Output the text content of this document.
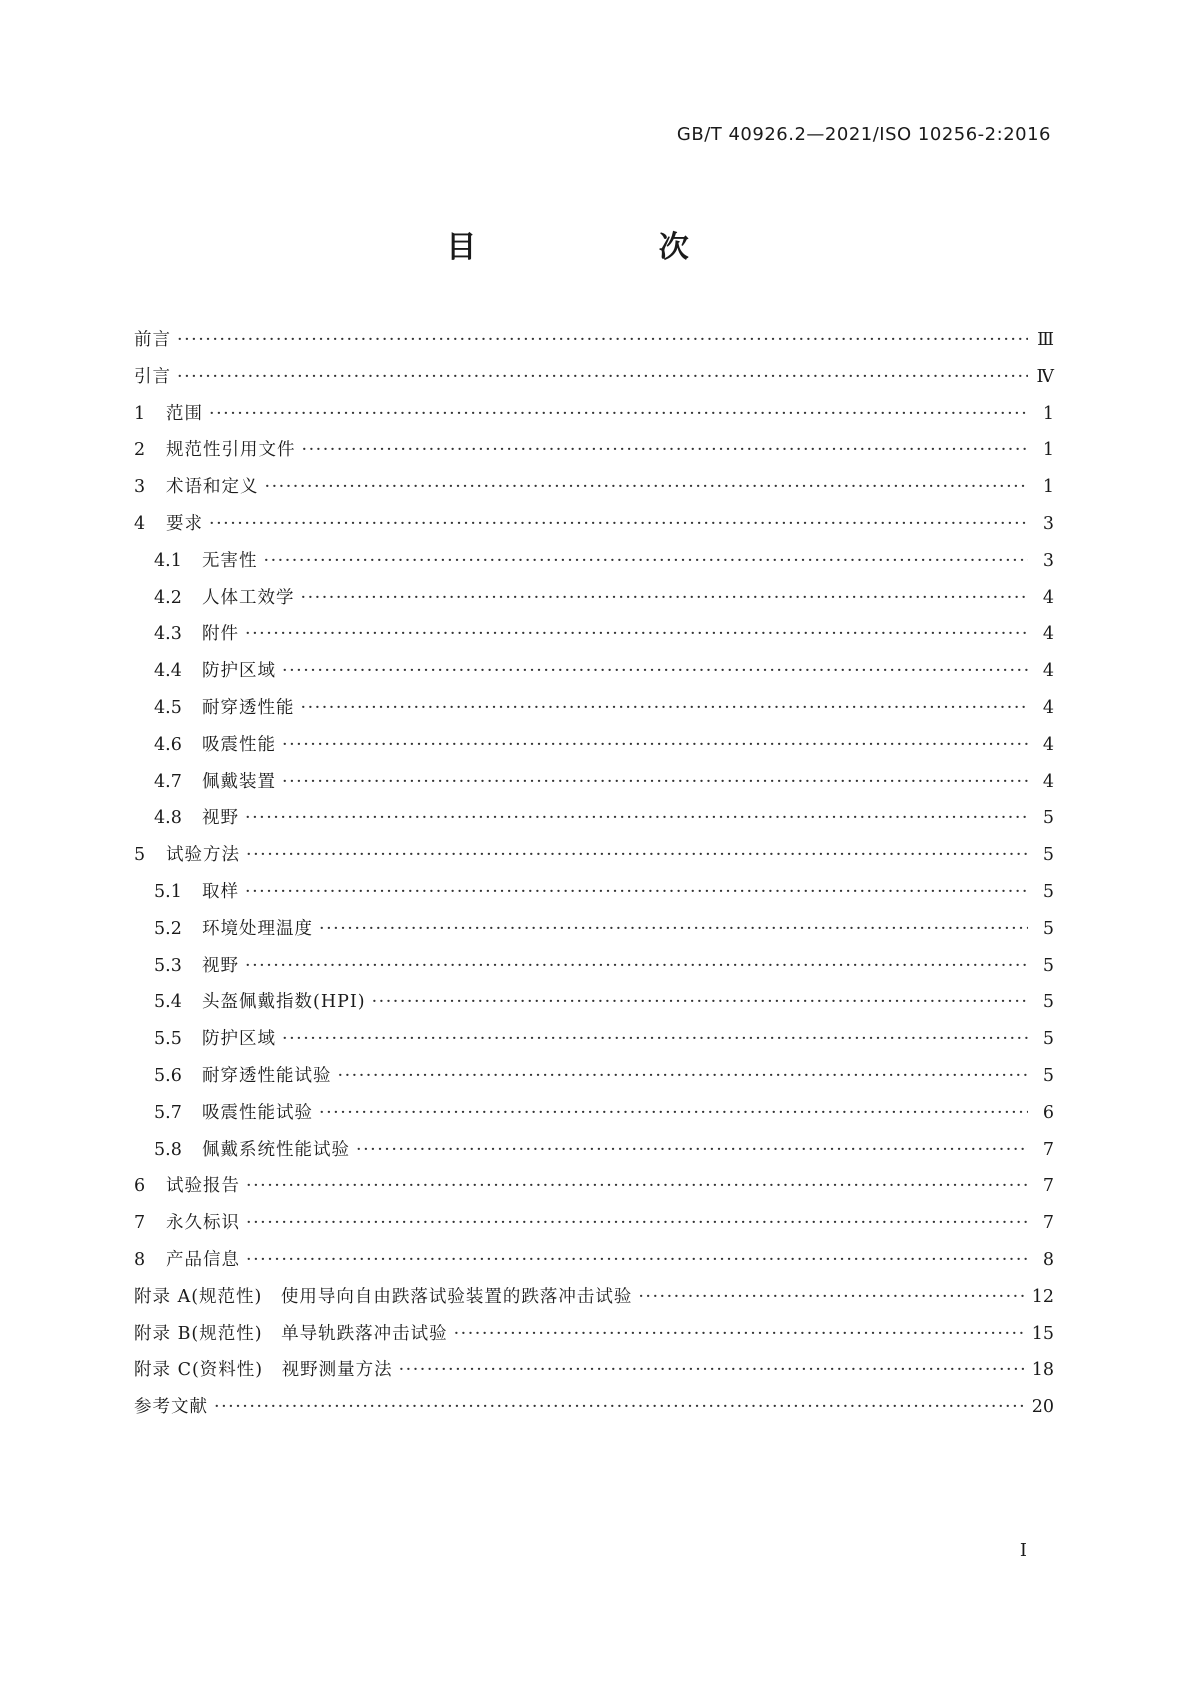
GB/T 40926.2—2021/ISO 10256-2:2016
目 次
前言 ·····	Ⅲ
引言 ·····	Ⅳ
1	范围 ·····	1
2	规范性引用文件 ·····	1
3	术语和定义 ·····	1
4	要求 ·····	3
4.1	无害性 ·····	3
4.2	人体工效学 ·····	4
4.3	附件 ·····	4
4.4	防护区域 ·····	4
4.5	耐穿透性能 ·····	4
4.6	吸震性能 ·····	4
4.7	佩戴装置 ·····	4
4.8	视野 ·····	5
5	试验方法 ·····	5
5.1	取样 ·····	5
5.2	环境处理温度 ·····	5
5.3	视野 ·····	5
5.4	头盔佩戴指数(HPI) ·····	5
5.5	防护区域 ·····	5
5.6	耐穿透性能试验 ·····	5
5.7	吸震性能试验 ·····	6
5.8	佩戴系统性能试验 ·····	7
6	试验报告 ·····	7
7	永久标识 ·····	7
8	产品信息 ·····	8
附录 A(规范性)　使用导向自由跌落试验装置的跌落冲击试验 ·····	12
附录 B(规范性)　单导轨跌落冲击试验 ·····	15
附录 C(资料性)　视野测量方法 ·····	18
参考文献 ·····	20
I
